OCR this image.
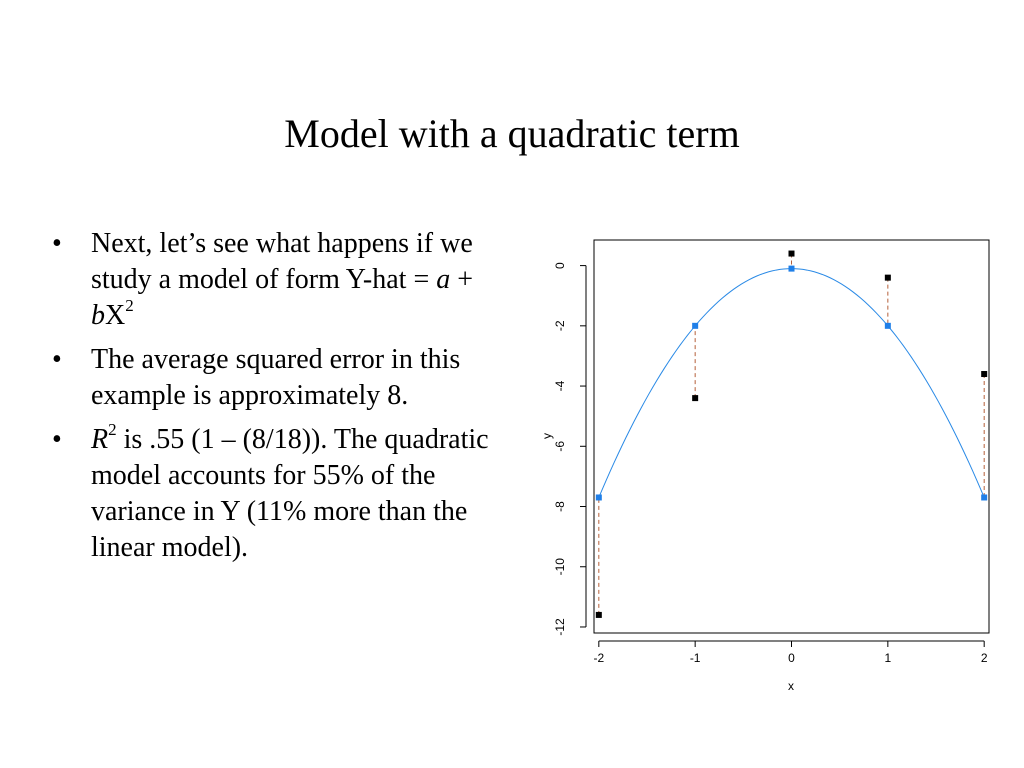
Model with a quadratic term
• Next, let’s see what happens if we study a model of form $Y-hat = a + bX^2$
• The average squared error in this example is approximately 8.
• $R^2$ is .55 (1 – (8/18)). The quadratic model accounts for 55% of the variance in Y (11% more than the linear model).
-2	-1	0	1	2
0
-2
-4
-6
-8
-10
-12
x
y
